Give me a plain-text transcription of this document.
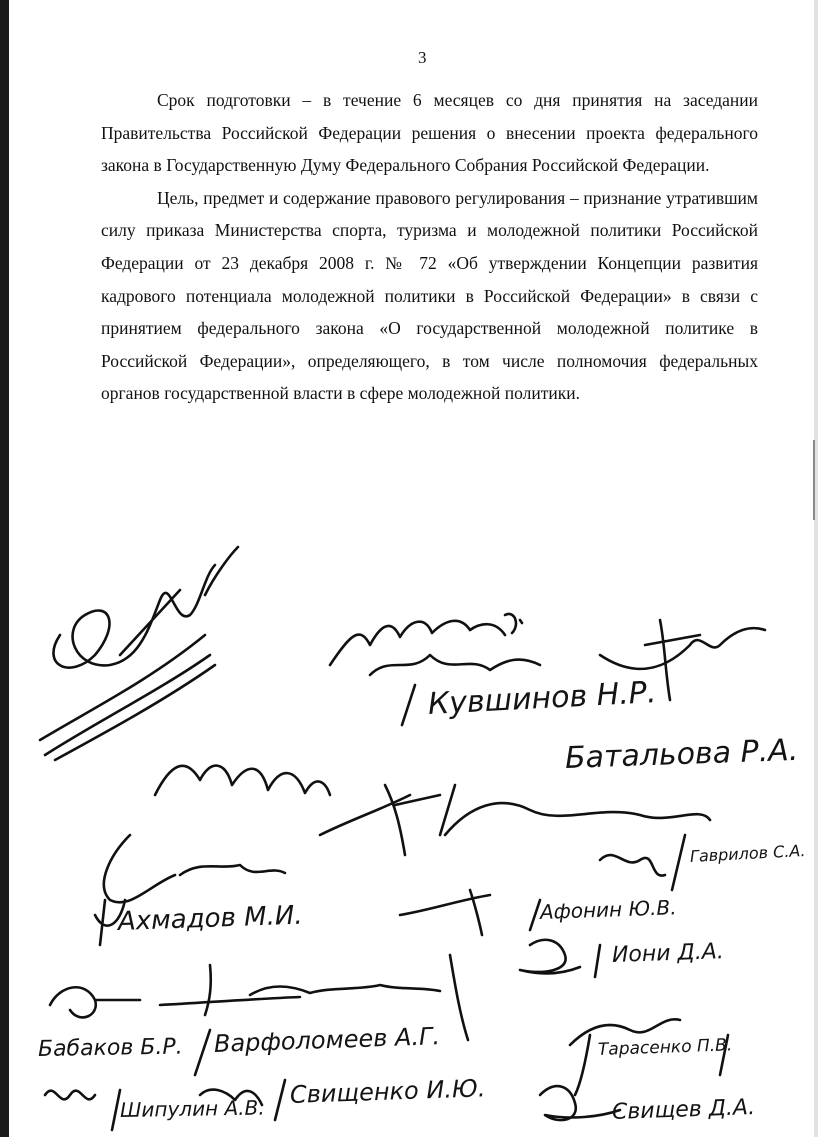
3

Срок подготовки – в течение 6 месяцев со дня принятия на заседании Правительства Российской Федерации решения о внесении проекта федерального закона в Государственную Думу Федерального Собрания Российской Федерации.

Цель, предмет и содержание правового регулирования – признание утратившим силу приказа Министерства спорта, туризма и молодежной политики Российской Федерации от 23 декабря 2008 г. № 72 «Об утверждении Концепции развития кадрового потенциала молодежной политики в Российской Федерации» в связи с принятием федерального закона «О государственной молодежной политике в Российской Федерации», определяющего, в том числе полномочия федеральных органов государственной власти в сфере молодежной политики.

Кувшинов Н.Р.
Батальова Р.А.
Гаврилов С.А.
Ахмадов М.И.	Афонин Ю.В.
Иони Д.А.
Бабаков Б.Р. Варфоломеев А.Г.	Тарасенко П.В.
Шипулин А.В. Свищенко И.Ю.
Свищев Д.А.
